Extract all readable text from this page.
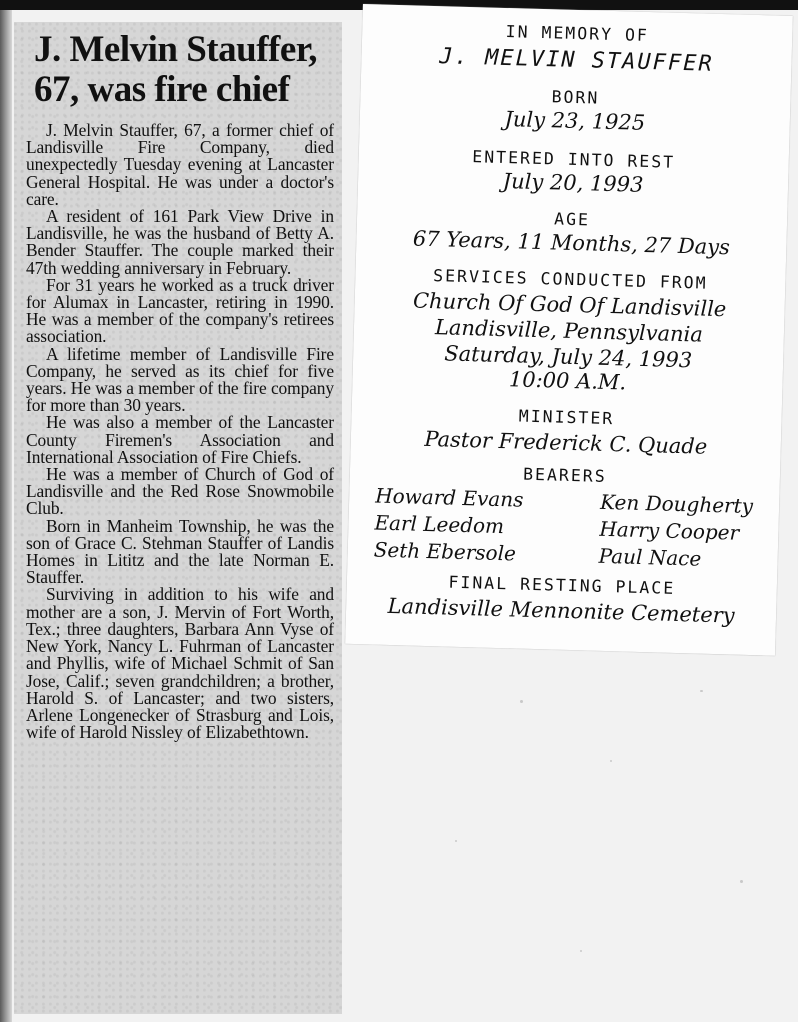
J. Melvin Stauffer, 67, was fire chief

J. Melvin Stauffer, 67, a former chief of Landisville Fire Company, died unexpectedly Tuesday evening at Lancaster General Hospital. He was under a doctor's care.

A resident of 161 Park View Drive in Landisville, he was the husband of Betty A. Bender Stauffer. The couple marked their 47th wedding anniversary in February.

For 31 years he worked as a truck driver for Alumax in Lancaster, retiring in 1990. He was a member of the company's retirees association.

A lifetime member of Landisville Fire Company, he served as its chief for five years. He was a member of the fire company for more than 30 years.

He was also a member of the Lancaster County Firemen's Association and International Association of Fire Chiefs.

He was a member of Church of God of Landisville and the Red Rose Snowmobile Club.

Born in Manheim Township, he was the son of Grace C. Stehman Stauffer of Landis Homes in Lititz and the late Norman E. Stauffer.

Surviving in addition to his wife and mother are a son, J. Mervin of Fort Worth, Tex.; three daughters, Barbara Ann Vyse of New York, Nancy L. Fuhrman of Lancaster and Phyllis, wife of Michael Schmit of San Jose, Calif.; seven grandchildren; a brother, Harold S. of Lancaster; and two sisters, Arlene Longenecker of Strasburg and Lois, wife of Harold Nissley of Elizabethtown.

IN MEMORY OF
J. MELVIN STAUFFER
BORN
July 23, 1925
ENTERED INTO REST
July 20, 1993
AGE
67 Years, 11 Months, 27 Days
SERVICES CONDUCTED FROM
Church Of God Of Landisville
Landisville, Pennsylvania
Saturday, July 24, 1993
10:00 A.M.
MINISTER
Pastor Frederick C. Quade
BEARERS
Howard Evans	Ken Dougherty
Earl Leedom	Harry Cooper
Seth Ebersole	Paul Nace
FINAL RESTING PLACE
Landisville Mennonite Cemetery
